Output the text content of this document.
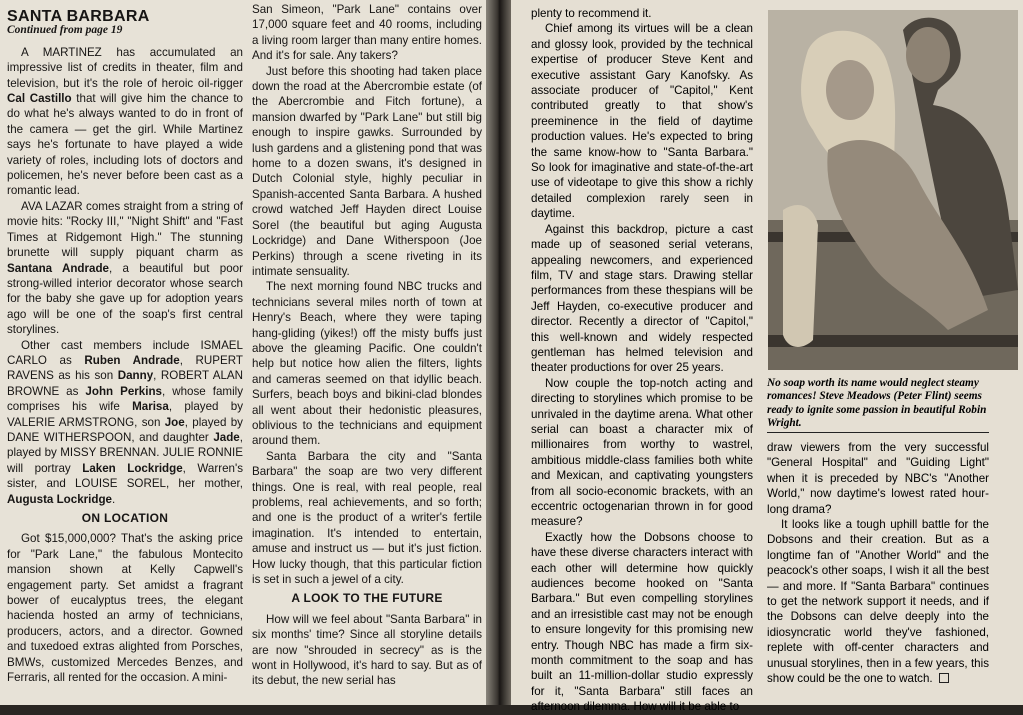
SANTA BARBARA
Continued from page 19

A MARTINEZ has accumulated an impressive list of credits in theater, film and television, but it's the role of heroic oil-rigger Cal Castillo that will give him the chance to do what he's always wanted to do in front of the camera — get the girl. While Martinez says he's fortunate to have played a wide variety of roles, including lots of doctors and policemen, he's never before been cast as a romantic lead.

AVA LAZAR comes straight from a string of movie hits: "Rocky III," "Night Shift" and "Fast Times at Ridgemont High." The stunning brunette will supply piquant charm as Santana Andrade, a beautiful but poor strong-willed interior decorator whose search for the baby she gave up for adoption years ago will be one of the soap's first central storylines.

Other cast members include ISMAEL CARLO as Ruben Andrade, RUPERT RAVENS as his son Danny, ROBERT ALAN BROWNE as John Perkins, whose family comprises his wife Marisa, played by VALERIE ARMSTRONG, son Joe, played by DANE WITHERSPOON, and daughter Jade, played by MISSY BRENNAN. JULIE RONNIE will portray Laken Lockridge, Warren's sister, and LOUISE SOREL, her mother, Augusta Lockridge.

ON LOCATION

Got $15,000,000? That's the asking price for "Park Lane," the fabulous Montecito mansion shown at Kelly Capwell's engagement party. Set amidst a fragrant bower of eucalyptus trees, the elegant hacienda hosted an army of technicians, producers, actors, and a director. Gowned and tuxedoed extras alighted from Porsches, BMWs, customized Mercedes Benzes, and Ferraris, all rented for the occasion. A mini-

San Simeon, "Park Lane" contains over 17,000 square feet and 40 rooms, including a living room larger than many entire homes. And it's for sale. Any takers?

Just before this shooting had taken place down the road at the Abercrombie estate (of the Abercrombie and Fitch fortune), a mansion dwarfed by "Park Lane" but still big enough to inspire gawks. Surrounded by lush gardens and a glistening pond that was home to a dozen swans, it's designed in Dutch Colonial style, highly peculiar in Spanish-accented Santa Barbara. A hushed crowd watched Jeff Hayden direct Louise Sorel (the beautiful but aging Augusta Lockridge) and Dane Witherspoon (Joe Perkins) through a scene riveting in its intimate sensuality.

The next morning found NBC trucks and technicians several miles north of town at Henry's Beach, where they were taping hang-gliding (yikes!) off the misty buffs just above the gleaming Pacific. One couldn't help but notice how alien the filters, lights and cameras seemed on that idyllic beach. Surfers, beach boys and bikini-clad blondes all went about their hedonistic pleasures, oblivious to the technicians and equipment around them.

Santa Barbara the city and "Santa Barbara" the soap are two very different things. One is real, with real people, real problems, real achievements, and so forth; and one is the product of a writer's fertile imagination. It's intended to entertain, amuse and instruct us — but it's just fiction. How lucky though, that this particular fiction is set in such a jewel of a city.

A LOOK TO THE FUTURE

How will we feel about "Santa Barbara" in six months' time? Since all storyline details are now "shrouded in secrecy" as is the wont in Hollywood, it's hard to say. But as of its debut, the new serial has

plenty to recommend it.

Chief among its virtues will be a clean and glossy look, provided by the technical expertise of producer Steve Kent and executive assistant Gary Kanofsky. As associate producer of "Capitol," Kent contributed greatly to that show's preeminence in the field of daytime production values. He's expected to bring the same know-how to "Santa Barbara." So look for imaginative and state-of-the-art use of videotape to give this show a richly detailed complexion rarely seen in daytime.

Against this backdrop, picture a cast made up of seasoned serial veterans, appealing newcomers, and experienced film, TV and stage stars. Drawing stellar performances from these thespians will be Jeff Hayden, co-executive producer and director. Recently a director of "Capitol," this well-known and widely respected gentleman has helmed television and theater productions for over 25 years.

Now couple the top-notch acting and directing to storylines which promise to be unrivaled in the daytime arena. What other serial can boast a character mix of millionaires from worthy to wastrel, ambitious middle-class families both white and Mexican, and captivating youngsters from all socio-economic brackets, with an eccentric octogenarian thrown in for good measure?

Exactly how the Dobsons choose to have these diverse characters interact with each other will determine how quickly audiences become hooked on "Santa Barbara." But even compelling storylines and an irresistible cast may not be enough to ensure longevity for this promising new entry. Though NBC has made a firm six-month commitment to the soap and has built an 11-million-dollar studio expressly for it, "Santa Barbara" still faces an afternoon dilemma. How will it be able to

No soap worth its name would neglect steamy romances! Steve Meadows (Peter Flint) seems ready to ignite some passion in beautiful Robin Wright.

draw viewers from the very successful "General Hospital" and "Guiding Light" when it is preceded by NBC's "Another World," now daytime's lowest rated hour-long drama?

It looks like a tough uphill battle for the Dobsons and their creation. But as a longtime fan of "Another World" and the peacock's other soaps, I wish it all the best — and more. If "Santa Barbara" continues to get the network support it needs, and if the Dobsons can delve deeply into the idiosyncratic world they've fashioned, replete with off-center characters and unusual storylines, then in a few years, this show could be the one to watch.
